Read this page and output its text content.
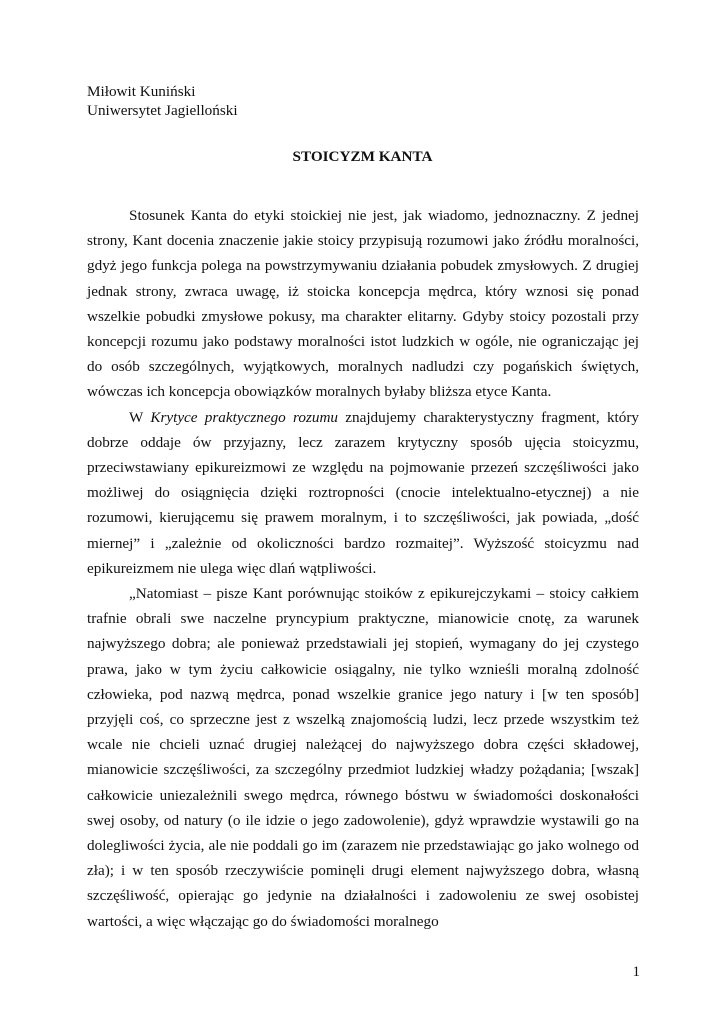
Miłowit Kuniński
Uniwersytet Jagielloński
STOICYZM KANTA

Stosunek Kanta do etyki stoickiej nie jest, jak wiadomo, jednoznaczny. Z jednej strony, Kant docenia znaczenie jakie stoicy przypisują rozumowi jako źródłu moralności, gdyż jego funkcja polega na powstrzymywaniu działania pobudek zmysłowych. Z drugiej jednak strony, zwraca uwagę, iż stoicka koncepcja mędrca, który wznosi się ponad wszelkie pobudki zmysłowe pokusy, ma charakter elitarny. Gdyby stoicy pozostali przy koncepcji rozumu jako podstawy moralności istot ludzkich w ogóle, nie ograniczając jej do osób szczególnych, wyjątkowych, moralnych nadludzi czy pogańskich świętych, wówczas ich koncepcja obowiązków moralnych byłaby bliższa etyce Kanta.

W Krytyce praktycznego rozumu znajdujemy charakterystyczny fragment, który dobrze oddaje ów przyjazny, lecz zarazem krytyczny sposób ujęcia stoicyzmu, przeciwstawiany epikureizmowi ze względu na pojmowanie przezeń szczęśliwości jako możliwej do osiągnięcia dzięki roztropności (cnocie intelektualno-etycznej) a nie rozumowi, kierującemu się prawem moralnym, i to szczęśliwości, jak powiada, „dość miernej” i „zależnie od okoliczności bardzo rozmaitej”. Wyższość stoicyzmu nad epikureizmem nie ulega więc dlań wątpliwości.

„Natomiast – pisze Kant porównując stoików z epikurejczykami – stoicy całkiem trafnie obrali swe naczelne pryncypium praktyczne, mianowicie cnotę, za warunek najwyższego dobra; ale ponieważ przedstawiali jej stopień, wymagany do jej czystego prawa, jako w tym życiu całkowicie osiągalny, nie tylko wznieśli moralną zdolność człowieka, pod nazwą mędrca, ponad wszelkie granice jego natury i [w ten sposób] przyjęli coś, co sprzeczne jest z wszelką znajomością ludzi, lecz przede wszystkim też wcale nie chcieli uznać drugiej należącej do najwyższego dobra części składowej, mianowicie szczęśliwości, za szczególny przedmiot ludzkiej władzy pożądania; [wszak] całkowicie uniezależnili swego mędrca, równego bóstwu w świadomości doskonałości swej osoby, od natury (o ile idzie o jego zadowolenie), gdyż wprawdzie wystawili go na dolegliwości życia, ale nie poddali go im (zarazem nie przedstawiając go jako wolnego od zła); i w ten sposób rzeczywiście pominęli drugi element najwyższego dobra, własną szczęśliwość, opierając go jedynie na działalności i zadowoleniu ze swej osobistej wartości, a więc włączając go do świadomości moralnego

1
